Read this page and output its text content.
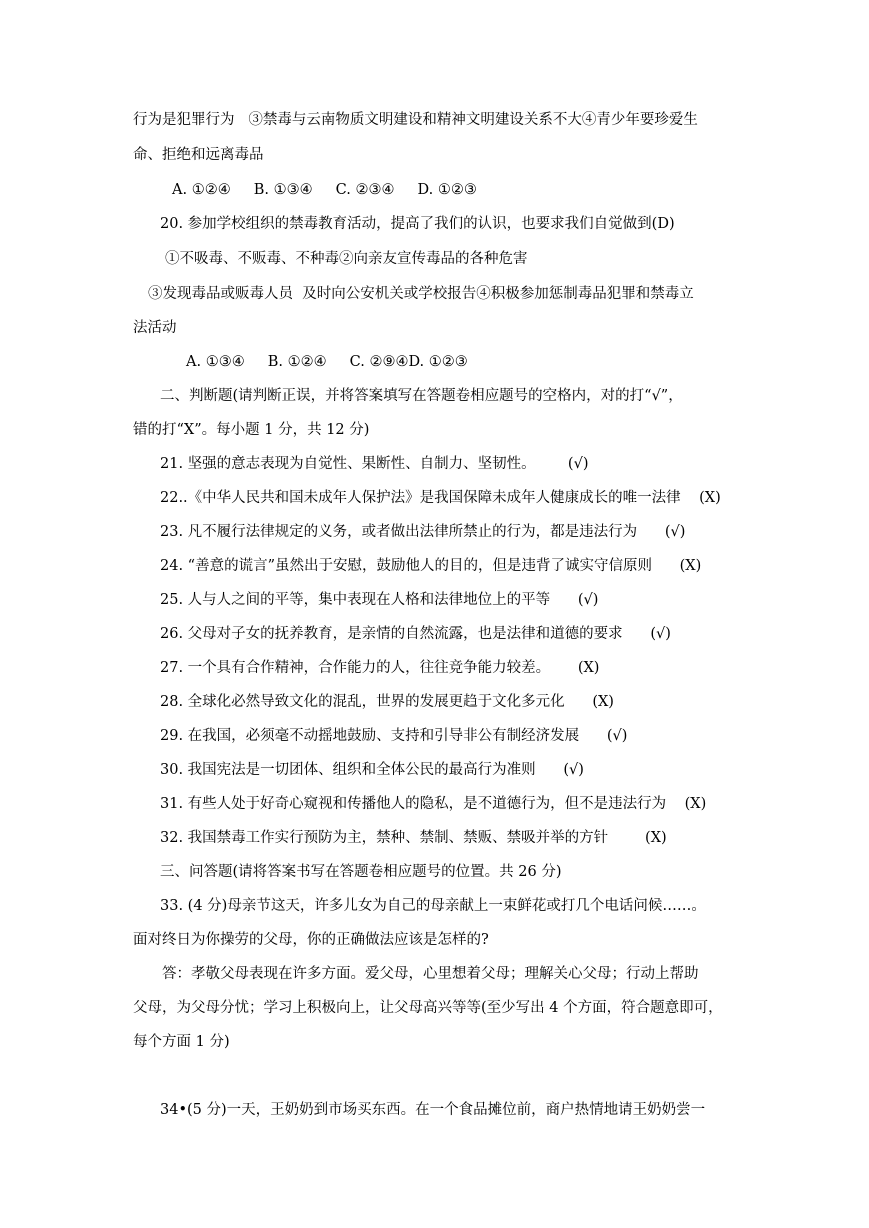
行为是犯罪行为   ③禁毒与云南物质文明建设和精神文明建设关系不大④青少年要珍爱生
命、拒绝和远离毒品
A. ①②④     B. ①③④     C. ②③④     D. ①②③
20. 参加学校组织的禁毒教育活动，提高了我们的认识，也要求我们自觉做到(D)
①不吸毒、不贩毒、不种毒②向亲友宣传毒品的各种危害
③发现毒品或贩毒人员  及时向公安机关或学校报告④积极参加惩制毒品犯罪和禁毒立
法活动
A. ①③④     B. ①②④     C. ②⑨④D. ①②③
二、判断题(请判断正误，并将答案填写在答题卷相应题号的空格内，对的打“√”，
错的打“X”。每小题 1 分，共 12 分)
21. 坚强的意志表现为自觉性、果断性、自制力、坚韧性。       (√)
22..《中华人民共和国未成年人保护法》是我国保障未成年人健康成长的唯一法律    (X)
23. 凡不履行法律规定的义务，或者做出法律所禁止的行为，都是违法行为      (√)
24. “善意的谎言”虽然出于安慰，鼓励他人的目的，但是违背了诚实守信原则      (X)
25. 人与人之间的平等，集中表现在人格和法律地位上的平等      (√)
26. 父母对子女的抚养教育，是亲情的自然流露，也是法律和道德的要求      (√)
27. 一个具有合作精神，合作能力的人，往往竞争能力较差。      (X)
28. 全球化必然导致文化的混乱，世界的发展更趋于文化多元化      (X)
29. 在我国，必须毫不动摇地鼓励、支持和引导非公有制经济发展      (√)
30. 我国宪法是一切团体、组织和全体公民的最高行为准则      (√)
31. 有些人处于好奇心窥视和传播他人的隐私，是不道德行为，但不是违法行为    (X)
32. 我国禁毒工作实行预防为主，禁种、禁制、禁贩、禁吸并举的方针        (X)
三、问答题(请将答案书写在答题卷相应题号的位置。共 26 分)
33. (4 分)母亲节这天，许多儿女为自己的母亲献上一束鲜花或打几个电话问候……。
面对终日为你操劳的父母，你的正确做法应该是怎样的?
答：孝敬父母表现在许多方面。爱父母，心里想着父母；理解关心父母；行动上帮助
父母，为父母分忧；学习上积极向上，让父母高兴等等(至少写出 4 个方面，符合题意即可，
每个方面 1 分)
34•(5 分)一天，王奶奶到市场买东西。在一个食品摊位前，商户热情地请王奶奶尝一
